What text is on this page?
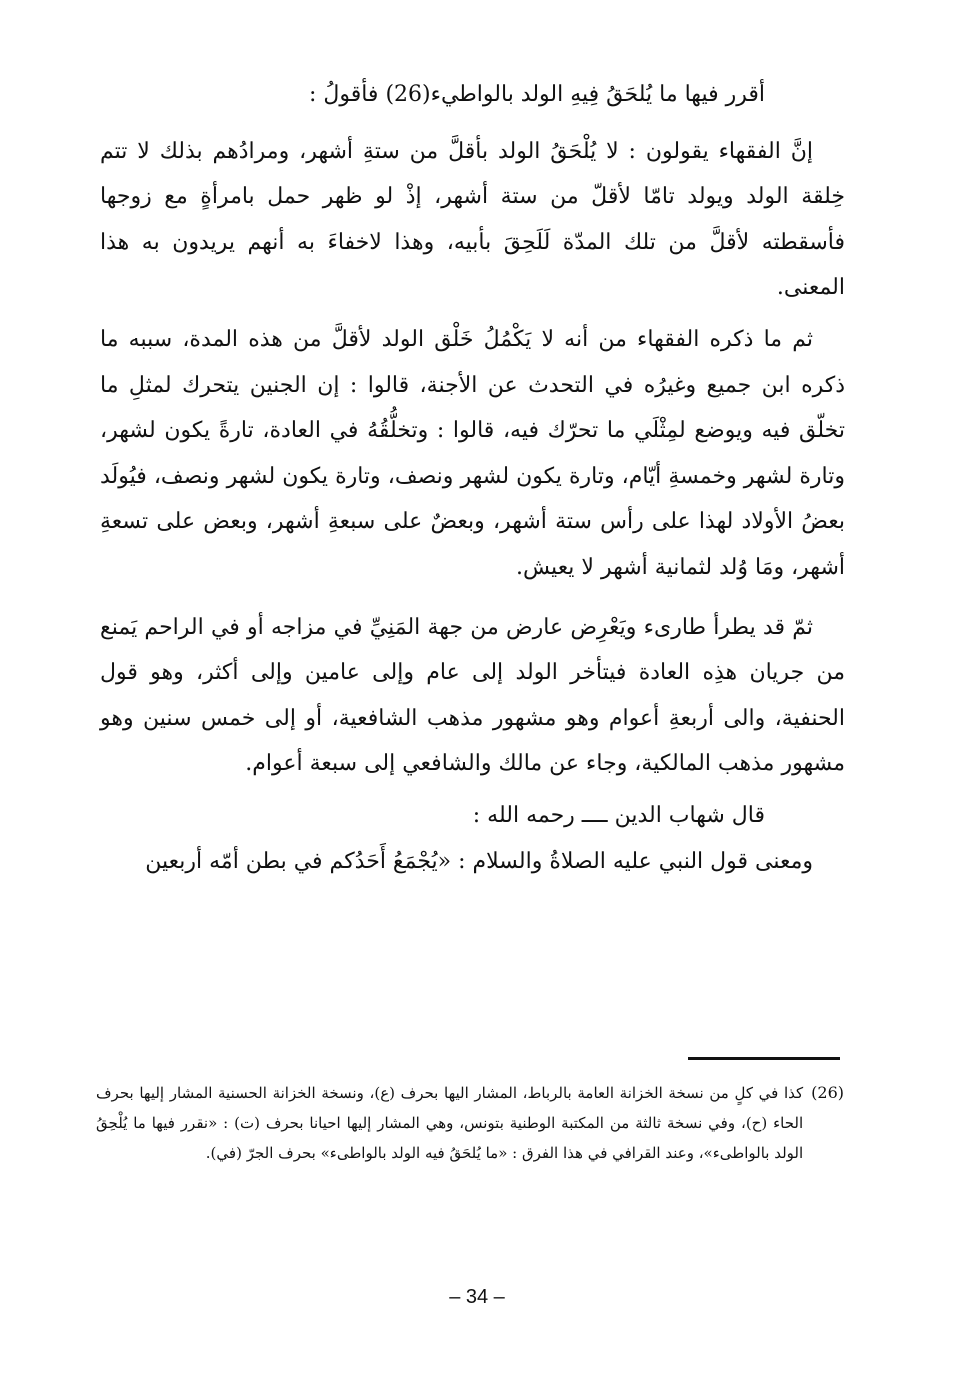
أقرر فيها ما يُلحَقُ فِيهِ الولد بالواطيء(26) فأقولُ :

إنَّ الفقهاء يقولون : لا يُلْحَقُ الولد بأقلَّ من ستةِ أشهر، ومرادُهم بذلك لا تتم خِلقة الولد ويولد تامّا لأقلّ من ستة أشهر، إذْ لو ظهر حمل بامرأةٍ مع زوجها فأسقطته لأقلَّ من تلك المدّة لَلَحِقَ بأبيه، وهذا لاخفاءَ به أنهم يريدون به هذا المعنى.

ثم ما ذكره الفقهاء من أنه لا يَكْمُلُ خَلْق الولد لأقلَّ من هذه المدة، سببه ما ذكره ابن جميع وغيرُه في التحدث عن الأجنة، قالوا : إن الجنين يتحرك لمثلِ ما تخلّق فيه ويوضع لمِثْلَي ما تحرّك فيه، قالوا : وتخلُّقُهُ في العادة، تارةً يكون لشهر، وتارة لشهر وخمسةِ أيّام، وتارة يكون لشهر ونصف، وتارة يكون لشهر ونصف، فيُولَد بعضُ الأولاد لهذا على رأس ستة أشهر، وبعضٌ على سبعةِ أشهر، وبعض على تسعةِ أشهر، ومَا وُلد لثمانية أشهر لا يعيش.

ثمّ قد يطرأ طارىء ويَعْرِض عارض من جهة المَنِيِّ في مزاجه أو في الراحم يَمنع من جريان هذِه العادة فيتأخر الولد إلى عام وإلى عامين وإلى أكثر، وهو قول الحنفية، والى أربعةِ أعوام وهو مشهور مذهب الشافعية، أو إلى خمس سنين وهو مشهور مذهب المالكية، وجاء عن مالك والشافعي إلى سبعة أعوام.

قال شهاب الدين ــــ رحمه الله :

ومعنى قول النبي عليه الصلاةُ والسلام : «يُجْمَعُ أَحَدُكم في بطن أمّه أربعين

(26)
كذا في كلٍ من نسخة الخزانة العامة بالرباط، المشار اليها بحرف (ع)، ونسخة الخزانة الحسنية المشار إليها بحرف الحاء (ح)، وفي نسخة ثالثة من المكتبة الوطنية بتونس، وهي المشار إليها احيانا بحرف (ت) : «نقرر فيها ما يُلْحِقُ الولد بالواطىء»، وعند القرافي في هذا الفرق : «ما يُلحَقُ فيه الولد بالواطىء» بحرف الجرّ (في).
– 34 –
